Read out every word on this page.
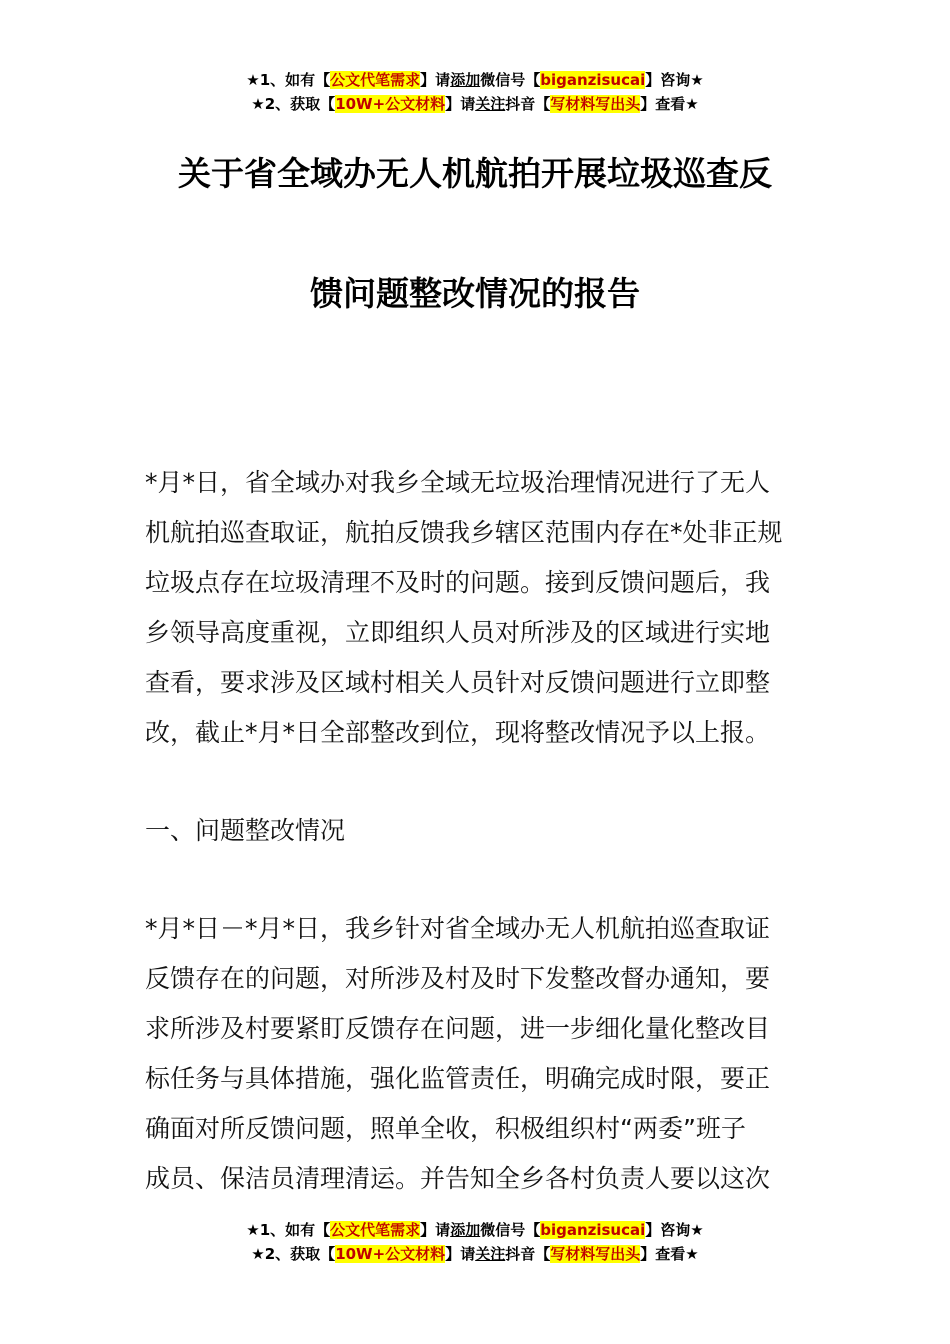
★1、如有【公文代笔需求】请添加微信号【biganzisucai】咨询★
★2、获取【10W+公文材料】请关注抖音【写材料写出头】查看★
关于省全域办无人机航拍开展垃圾巡查反
馈问题整改情况的报告
*月*日，省全域办对我乡全域无垃圾治理情况进行了无人
机航拍巡查取证，航拍反馈我乡辖区范围内存在*处非正规
垃圾点存在垃圾清理不及时的问题。接到反馈问题后，我
乡领导高度重视，立即组织人员对所涉及的区域进行实地
查看，要求涉及区域村相关人员针对反馈问题进行立即整
改，截止*月*日全部整改到位，现将整改情况予以上报。
一、问题整改情况
*月*日－*月*日，我乡针对省全域办无人机航拍巡查取证
反馈存在的问题，对所涉及村及时下发整改督办通知，要
求所涉及村要紧盯反馈存在问题，进一步细化量化整改目
标任务与具体措施，强化监管责任，明确完成时限，要正
确面对所反馈问题，照单全收，积极组织村“两委”班子
成员、保洁员清理清运。并告知全乡各村负责人要以这次
★1、如有【公文代笔需求】请添加微信号【biganzisucai】咨询★
★2、获取【10W+公文材料】请关注抖音【写材料写出头】查看★
